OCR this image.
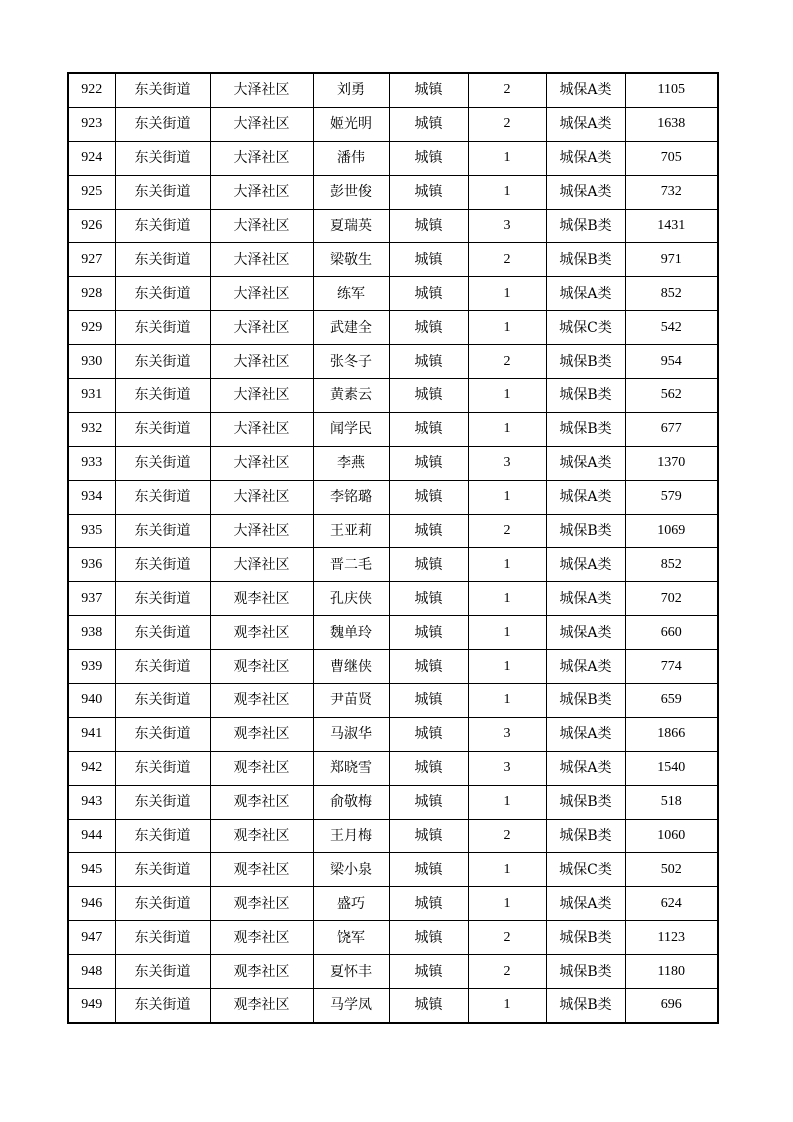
922	东关街道	大泽社区	刘勇	城镇	2	城保A类	1105
923	东关街道	大泽社区	姬光明	城镇	2	城保A类	1638
924	东关街道	大泽社区	潘伟	城镇	1	城保A类	705
925	东关街道	大泽社区	彭世俊	城镇	1	城保A类	732
926	东关街道	大泽社区	夏瑞英	城镇	3	城保B类	1431
927	东关街道	大泽社区	梁敬生	城镇	2	城保B类	971
928	东关街道	大泽社区	练军	城镇	1	城保A类	852
929	东关街道	大泽社区	武建全	城镇	1	城保C类	542
930	东关街道	大泽社区	张冬子	城镇	2	城保B类	954
931	东关街道	大泽社区	黄素云	城镇	1	城保B类	562
932	东关街道	大泽社区	闻学民	城镇	1	城保B类	677
933	东关街道	大泽社区	李燕	城镇	3	城保A类	1370
934	东关街道	大泽社区	李铭璐	城镇	1	城保A类	579
935	东关街道	大泽社区	王亚莉	城镇	2	城保B类	1069
936	东关街道	大泽社区	晋二毛	城镇	1	城保A类	852
937	东关街道	观李社区	孔庆侠	城镇	1	城保A类	702
938	东关街道	观李社区	魏单玲	城镇	1	城保A类	660
939	东关街道	观李社区	曹继侠	城镇	1	城保A类	774
940	东关街道	观李社区	尹苗贤	城镇	1	城保B类	659
941	东关街道	观李社区	马淑华	城镇	3	城保A类	1866
942	东关街道	观李社区	郑晓雪	城镇	3	城保A类	1540
943	东关街道	观李社区	俞敬梅	城镇	1	城保B类	518
944	东关街道	观李社区	王月梅	城镇	2	城保B类	1060
945	东关街道	观李社区	梁小泉	城镇	1	城保C类	502
946	东关街道	观李社区	盛巧	城镇	1	城保A类	624
947	东关街道	观李社区	饶军	城镇	2	城保B类	1123
948	东关街道	观李社区	夏怀丰	城镇	2	城保B类	1180
949	东关街道	观李社区	马学凤	城镇	1	城保B类	696
